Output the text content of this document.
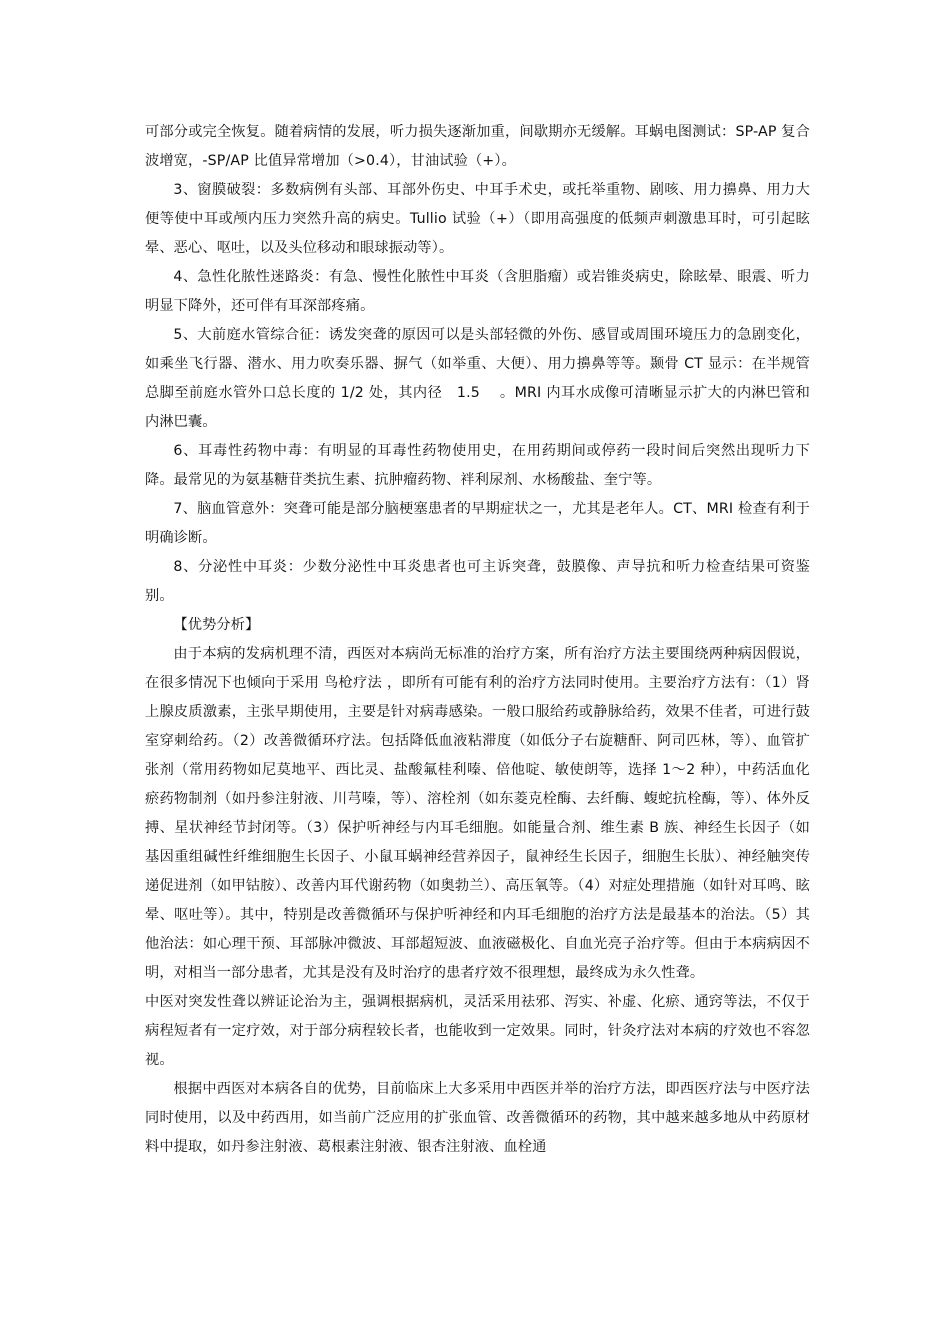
可部分或完全恢复。随着病情的发展，听力损失逐渐加重，间歇期亦无缓解。耳蜗电图测试：SP-AP 复合波增宽，-SP/AP 比值异常增加（>0.4），甘油试验（+）。

3、窗膜破裂：多数病例有头部、耳部外伤史、中耳手术史，或托举重物、剧咳、用力擤鼻、用力大便等使中耳或颅内压力突然升高的病史。Tullio 试验（+）（即用高强度的低频声刺激患耳时，可引起眩晕、恶心、呕吐，以及头位移动和眼球振动等）。

4、急性化脓性迷路炎：有急、慢性化脓性中耳炎（含胆脂瘤）或岩锥炎病史，除眩晕、眼震、听力明显下降外，还可伴有耳深部疼痛。

5、大前庭水管综合征：诱发突聋的原因可以是头部轻微的外伤、感冒或周围环境压力的急剧变化，如乘坐飞行器、潜水、用力吹奏乐器、摒气（如举重、大便）、用力擤鼻等等。颞骨 CT 显示：在半规管总脚至前庭水管外口总长度的 1/2 处，其内径　1.5　 。MRI 内耳水成像可清晰显示扩大的内淋巴管和内淋巴囊。

6、耳毒性药物中毒：有明显的耳毒性药物使用史，在用药期间或停药一段时间后突然出现听力下降。最常见的为氨基糖苷类抗生素、抗肿瘤药物、袢利尿剂、水杨酸盐、奎宁等。

7、脑血管意外：突聋可能是部分脑梗塞患者的早期症状之一，尤其是老年人。CT、MRI 检查有利于明确诊断。

8、分泌性中耳炎：少数分泌性中耳炎患者也可主诉突聋，鼓膜像、声导抗和听力检查结果可资鉴别。

【优势分析】

由于本病的发病机理不清，西医对本病尚无标准的治疗方案，所有治疗方法主要围绕两种病因假说，在很多情况下也倾向于采用 鸟枪疗法 ，即所有可能有利的治疗方法同时使用。主要治疗方法有：（1）肾上腺皮质激素，主张早期使用，主要是针对病毒感染。一般口服给药或静脉给药，效果不佳者，可进行鼓室穿刺给药。（2）改善微循环疗法。包括降低血液粘滞度（如低分子右旋糖酐、阿司匹林，等）、血管扩张剂（常用药物如尼莫地平、西比灵、盐酸氟桂利嗪、倍他啶、敏使朗等，选择 1～2 种），中药活血化瘀药物制剂（如丹参注射液、川芎嗪，等）、溶栓剂（如东菱克栓酶、去纤酶、蝮蛇抗栓酶，等）、体外反搏、星状神经节封闭等。（3）保护听神经与内耳毛细胞。如能量合剂、维生素 B 族、神经生长因子（如基因重组碱性纤维细胞生长因子、小鼠耳蜗神经营养因子，鼠神经生长因子，细胞生长肽）、神经触突传递促进剂（如甲钴胺）、改善内耳代谢药物（如奥勃兰）、高压氧等。（4）对症处理措施（如针对耳鸣、眩晕、呕吐等）。其中，特别是改善微循环与保护听神经和内耳毛细胞的治疗方法是最基本的治法。（5）其他治法：如心理干预、耳部脉冲微波、耳部超短波、血液磁极化、自血光亮子治疗等。但由于本病病因不明，对相当一部分患者，尤其是没有及时治疗的患者疗效不很理想，最终成为永久性聋。

中医对突发性聋以辨证论治为主，强调根据病机，灵活采用祛邪、泻实、补虚、化瘀、通窍等法，不仅于病程短者有一定疗效，对于部分病程较长者，也能收到一定效果。同时，针灸疗法对本病的疗效也不容忽视。

根据中西医对本病各自的优势，目前临床上大多采用中西医并举的治疗方法，即西医疗法与中医疗法同时使用，以及中药西用，如当前广泛应用的扩张血管、改善微循环的药物，其中越来越多地从中药原材料中提取，如丹参注射液、葛根素注射液、银杏注射液、血栓通
